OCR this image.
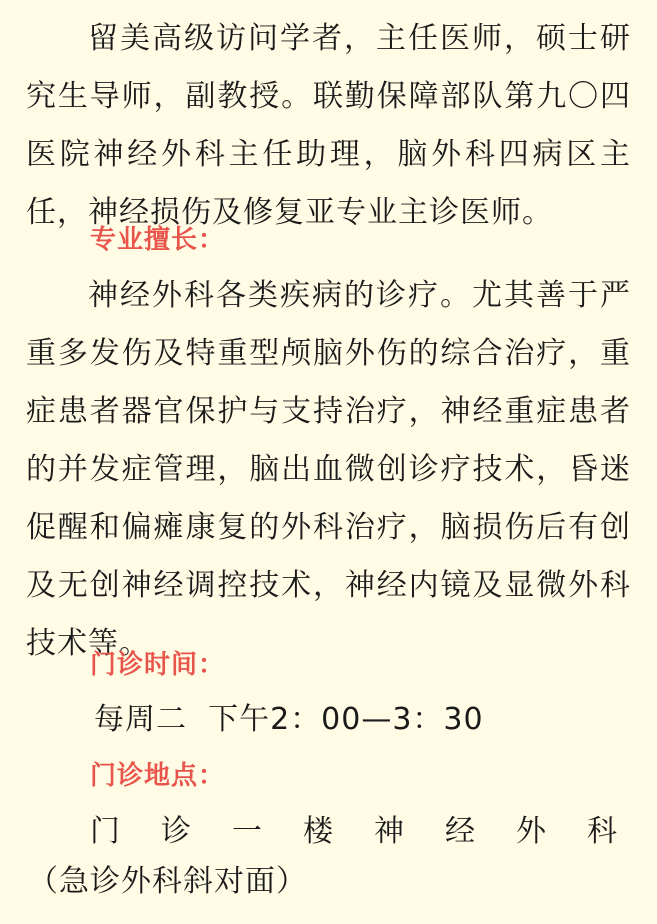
留美高级访问学者，主任医师，硕士研究生导师，副教授。联勤保障部队第九〇四医院神经外科主任助理，脑外科四病区主任，神经损伤及修复亚专业主诊医师。

专业擅长：

神经外科各类疾病的诊疗。尤其善于严重多发伤及特重型颅脑外伤的综合治疗，重症患者器官保护与支持治疗，神经重症患者的并发症管理，脑出血微创诊疗技术，昏迷促醒和偏瘫康复的外科治疗，脑损伤后有创及无创神经调控技术，神经内镜及显微外科技术等。

门诊时间：
每周二  下午2：00—3：30
门诊地点：
门 诊 一 楼 神 经 外 科
（急诊外科斜对面）
